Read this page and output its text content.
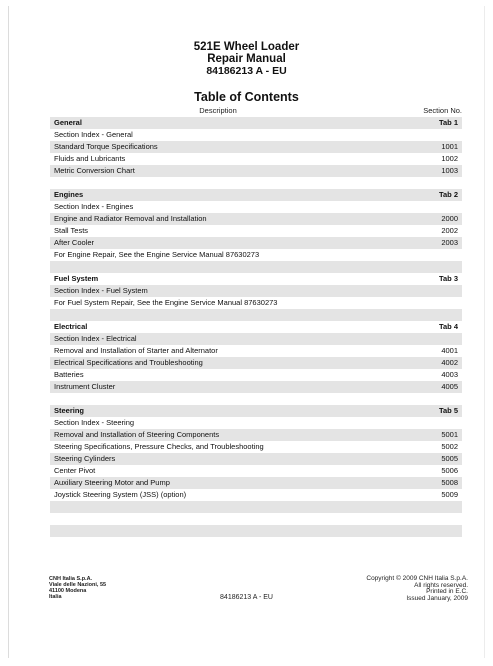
521E Wheel Loader
Repair Manual
84186213 A - EU
Table of Contents
Description	Section No.
General	Tab 1
Section Index - General
Standard Torque Specifications	1001
Fluids and Lubricants	1002
Metric Conversion Chart	1003
Engines	Tab 2
Section Index - Engines
Engine and Radiator Removal and Installation	2000
Stall Tests	2002
After Cooler	2003
For Engine Repair, See the Engine Service Manual 87630273
Fuel System	Tab 3
Section Index - Fuel System
For Fuel System Repair, See the Engine Service Manual 87630273
Electrical	Tab 4
Section Index - Electrical
Removal and Installation of Starter and Alternator	4001
Electrical Specifications and Troubleshooting	4002
Batteries	4003
Instrument Cluster	4005
Steering	Tab 5
Section Index - Steering
Removal and Installation of Steering Components	5001
Steering Specifications, Pressure Checks, and Troubleshooting	5002
Steering Cylinders	5005
Center Pivot	5006
Auxiliary Steering Motor and Pump	5008
Joystick Steering System (JSS) (option)	5009
CNH Italia S.p.A.
Viale delle Nazioni, 55
41100 Modena
Italia	84186213 A - EU
Copyright © 2009 CNH Italia S.p.A.
All rights reserved.
Printed in E.C.
Issued January, 2009
